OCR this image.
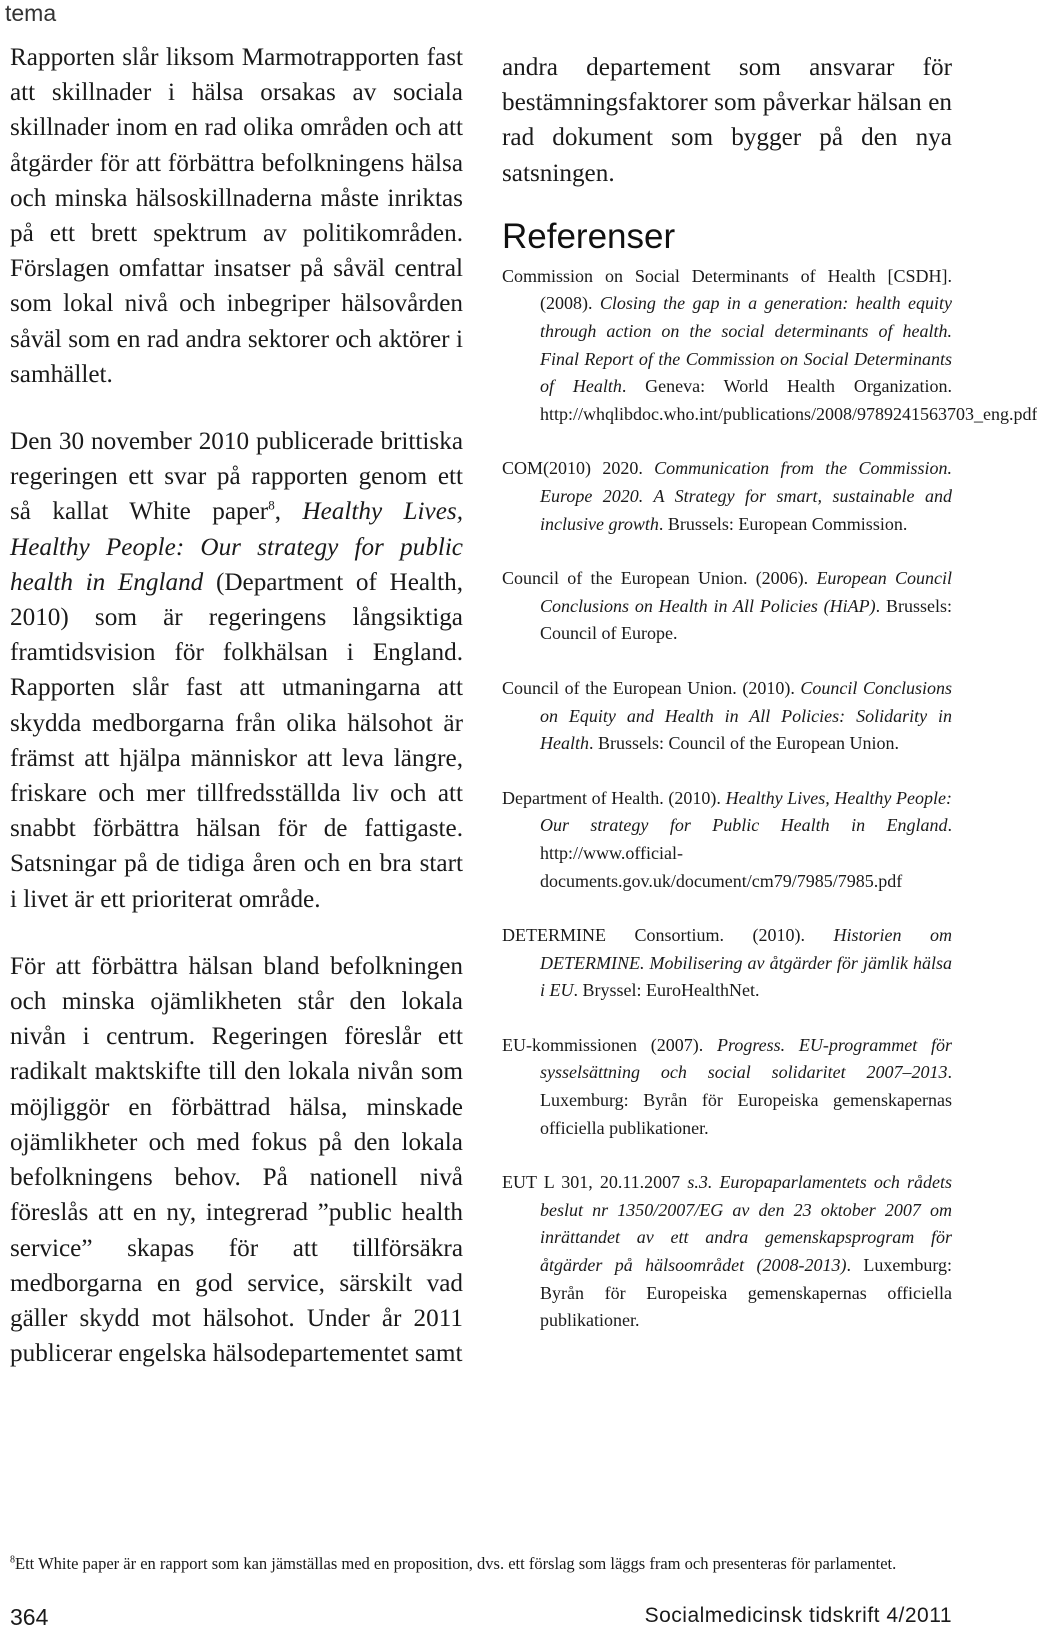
tema

Rapporten slår liksom Marmotrapporten fast att skillnader i hälsa orsakas av sociala skillnader inom en rad olika områden och att åtgärder för att förbättra befolkningens hälsa och minska hälsoskillnaderna måste inriktas på ett brett spektrum av politikområden. Förslagen omfattar insatser på såväl central som lokal nivå och inbegriper hälsovården såväl som en rad andra sektorer och aktörer i samhället.

Den 30 november 2010 publicerade brittiska regeringen ett svar på rapporten genom ett så kallat White paper$^8$, Healthy Lives, Healthy People: Our strategy for public health in England (Department of Health, 2010) som är regeringens långsiktiga framtidsvision för folkhälsan i England. Rapporten slår fast att utmaningarna att skydda medborgarna från olika hälsohot är främst att hjälpa människor att leva längre, friskare och mer tillfredsställda liv och att snabbt förbättra hälsan för de fattigaste. Satsningar på de tidiga åren och en bra start i livet är ett prioriterat område.

För att förbättra hälsan bland befolkningen och minska ojämlikheten står den lokala nivån i centrum. Regeringen föreslår ett radikalt maktskifte till den lokala nivån som möjliggör en förbättrad hälsa, minskade ojämlikheter och med fokus på den lokala befolkningens behov. På nationell nivå föreslås att en ny, integrerad ”public health service” skapas för att tillförsäkra medborgarna en god service, särskilt vad gäller skydd mot hälsohot. Under år 2011 publicerar engelska hälsodepartementet samt

andra departement som ansvarar för bestämningsfaktorer som påverkar hälsan en rad dokument som bygger på den nya satsningen.

Referenser

Commission on Social Determinants of Health [CSDH]. (2008). Closing the gap in a generation: health equity through action on the social determinants of health. Final Report of the Commission on Social Determinants of Health. Geneva: World Health Organization. http://whqlibdoc.who.int/publications/2008/9789241563703_eng.pdf

COM(2010) 2020. Communication from the Commission. Europe 2020. A Strategy for smart, sustainable and inclusive growth. Brussels: European Commission.

Council of the European Union. (2006). European Council Conclusions on Health in All Policies (HiAP). Brussels: Council of Europe.

Council of the European Union. (2010). Council Conclusions on Equity and Health in All Policies: Solidarity in Health. Brussels: Council of the European Union.

Department of Health. (2010). Healthy Lives, Healthy People: Our strategy for Public Health in England. http://www.official-documents.gov.uk/document/cm79/7985/7985.pdf

DETERMINE Consortium. (2010). Historien om DETERMINE. Mobilisering av åtgärder för jämlik hälsa i EU. Bryssel: EuroHealthNet.

EU-kommissionen (2007). Progress. EU-programmet för sysselsättning och social solidaritet 2007–2013. Luxemburg: Byrån för Europeiska gemenskapernas officiella publikationer.

EUT L 301, 20.11.2007 s.3. Europaparlamentets och rådets beslut nr 1350/2007/EG av den 23 oktober 2007 om inrättandet av ett andra gemenskapsprogram för åtgärder på hälsoområdet (2008-2013). Luxemburg: Byrån för Europeiska gemenskapernas officiella publikationer.

$^8$Ett White paper är en rapport som kan jämställas med en proposition, dvs. ett förslag som läggs fram och presenteras för parlamentet.
364	Socialmedicinsk tidskrift 4/2011
